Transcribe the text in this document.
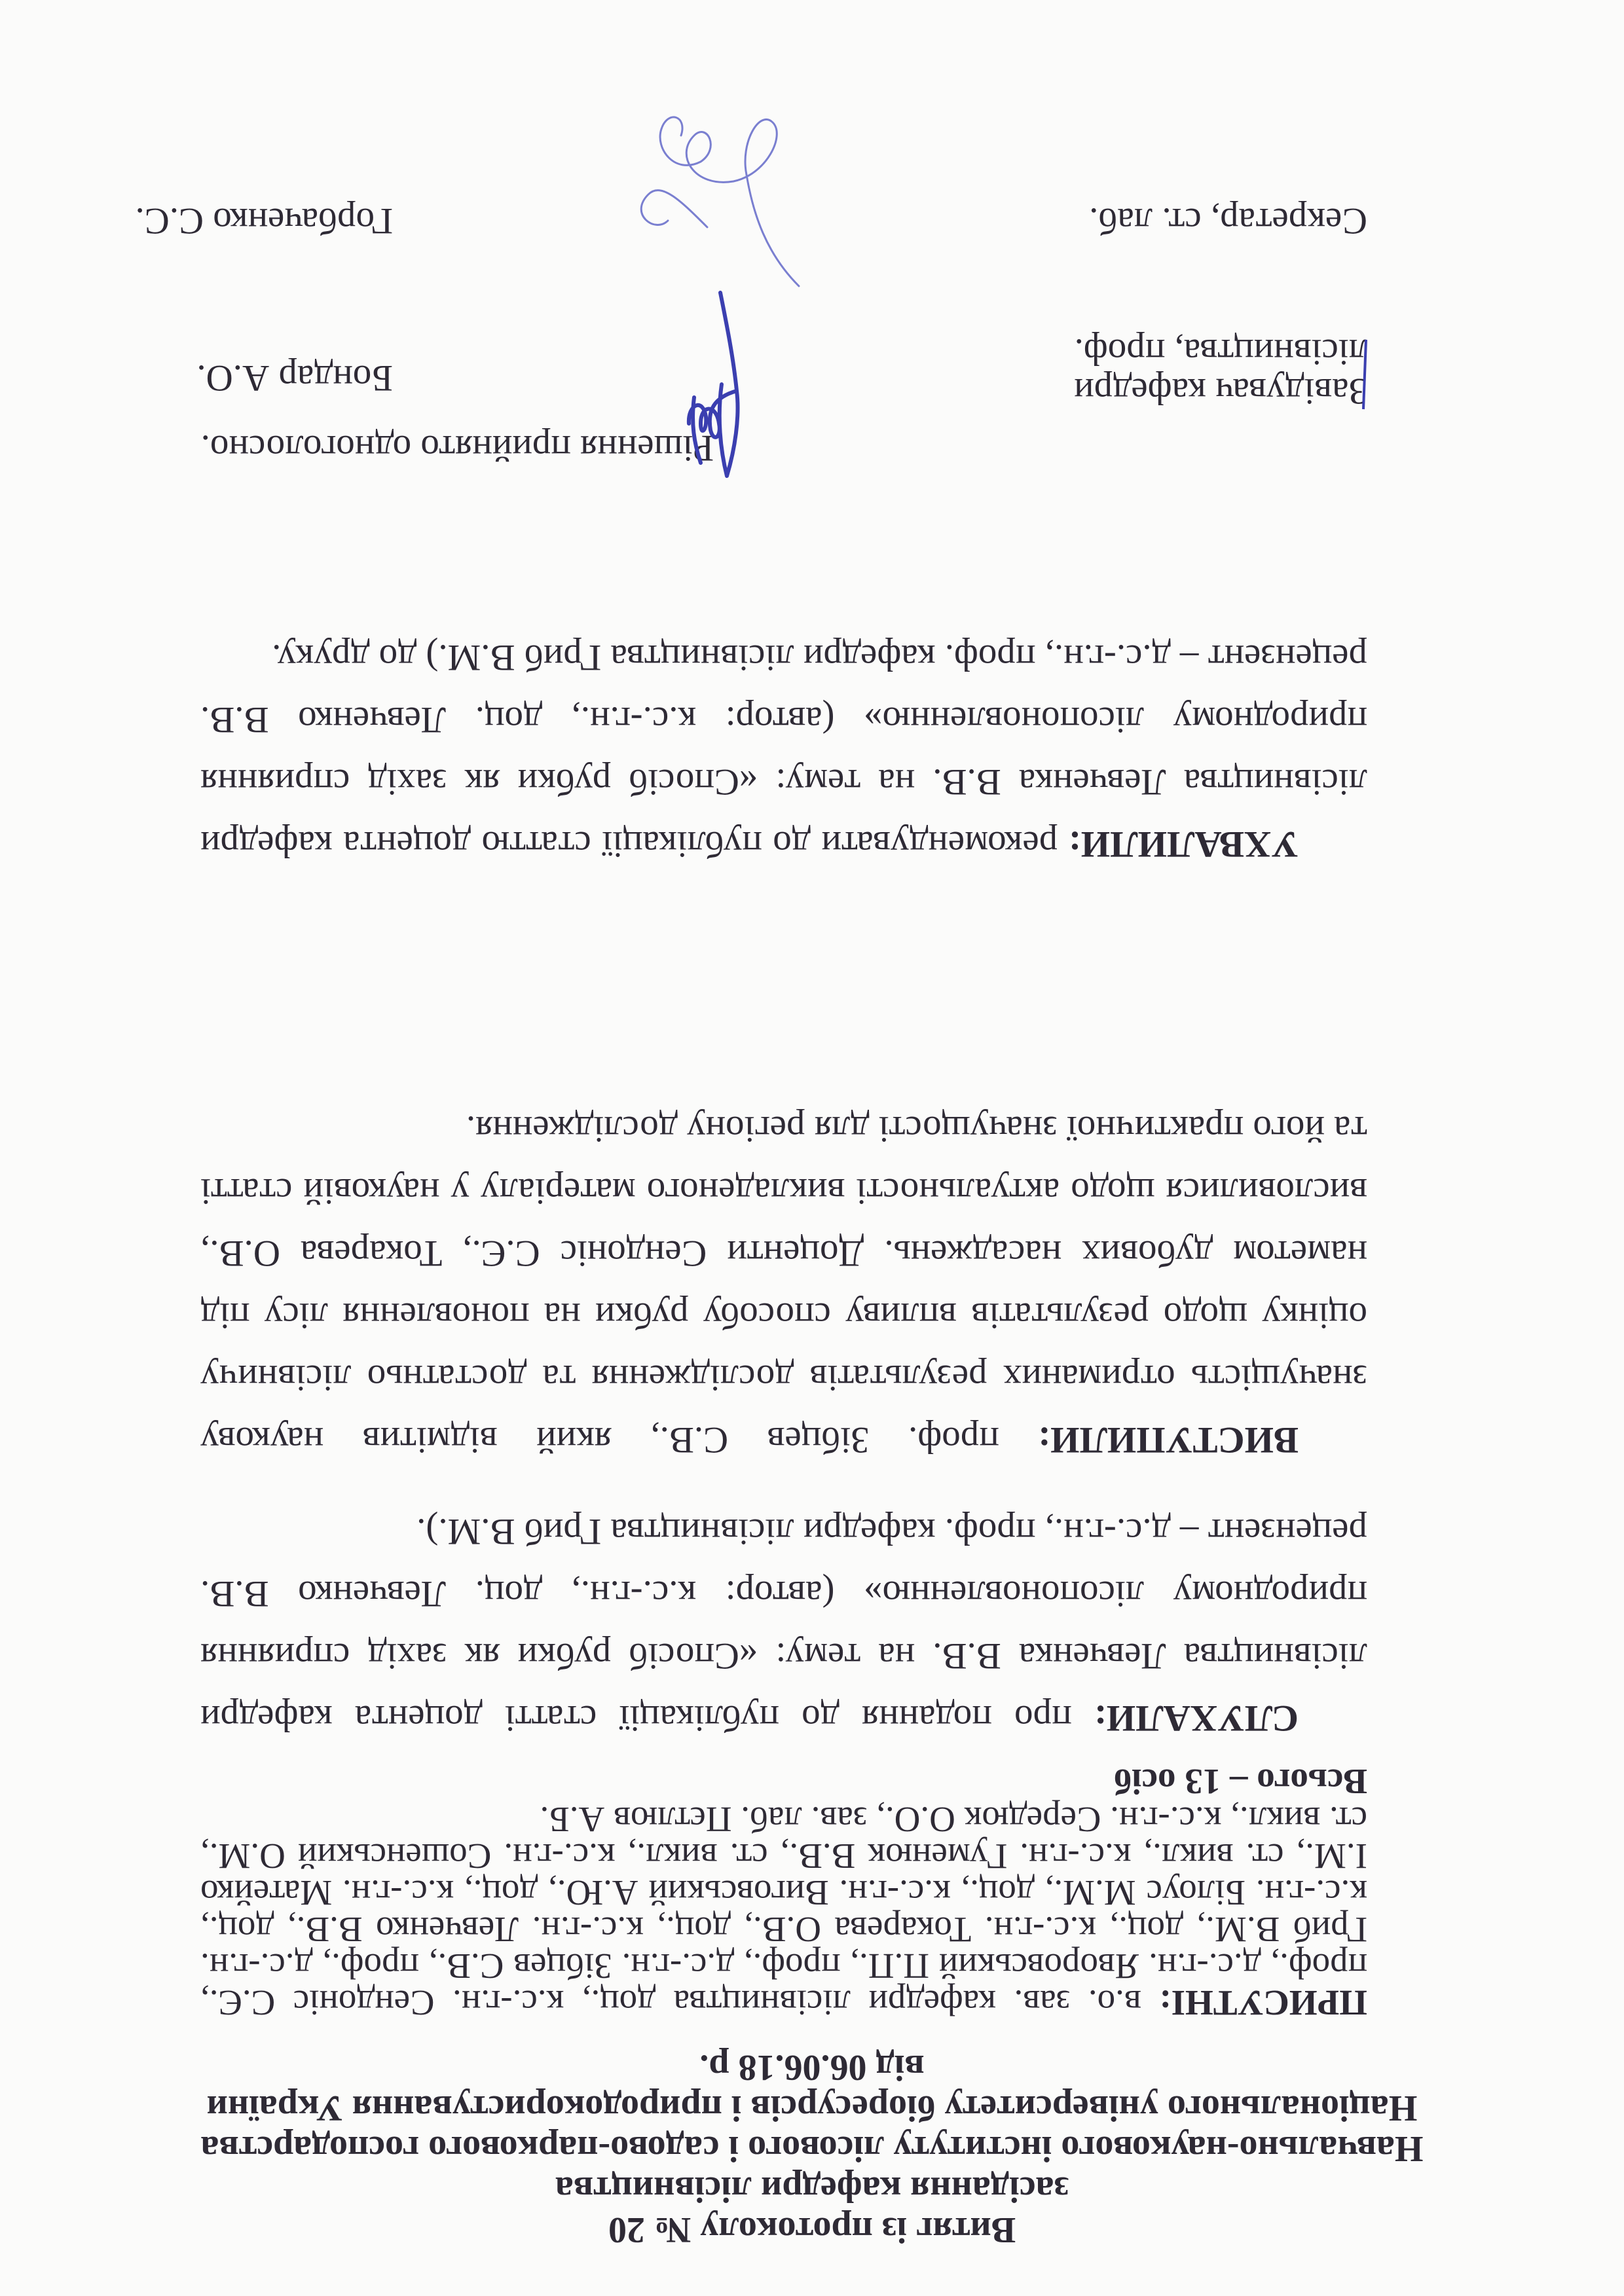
Витяг із протоколу № 20
засідання кафедри лісівництва
Навчально-наукового інституту лісового і садово-паркового господарства
Національного університету біоресурсів і природокористування України
від 06.06.18 р.
ПРИСУТНІ: в.о. зав. кафедри лісівництва доц., к.с.-г.н. Сендоніс С.Є., проф., д.с.-г.н. Яворовський П.П., проф., д.с.-г.н. Зібцев С.В., проф., д.с.-г.н. Гриб В.М., доц., к.с.-г.н. Токарева О.В., доц., к.с.-г.н. Левченко В.В., доц., к.с.-г.н. Білоус М.М., доц., к.с.-г.н. Виговський А.Ю., доц., к.с.-г.н. Матейко І.М., ст. викл., к.с.-г.н. Гуменюк В.В., ст. викл., к.с.-г.н. Сошенський О.М., ст. викл., к.с.-г.н. Середюк О.О., зав. лаб. Пєтлюв А.Б.
Всього – 13 осіб
СЛУХАЛИ: про подання до публікації статті доцента кафедри лісівництва Левченка В.В. на тему: «Спосіб рубки як захід сприяння природному лісопоновленню» (автор: к.с.-г.н., доц. Левченко В.В. рецензент – д.с.-г.н., проф. кафедри лісівництва Гриб В.М.).
ВИСТУПИЛИ: проф. Зібцев С.В., який відмітив наукову значущість отриманих результатів дослідження та достатньо лісівничу оцінку щодо результатів впливу способу рубки на поновлення лісу під наметом дубових насаджень. Доценти Сендоніс С.Є., Токарева О.В., висловилися щодо актуальності викладеного матеріалу у науковій статті та його практичної значущості для регіону дослідження.
УХВАЛИЛИ: рекомендувати до публікації статтю доцента кафедри лісівництва Левченка В.В. на тему: «Спосіб рубки як захід сприяння природному лісопоновленню» (автор: к.с.-г.н., доц. Левченко В.В. рецензент – д.с.-г.н., проф. кафедри лісівництва Гриб В.М.) до друку.
Рішення прийнято одноголосно.
Завідувач кафедри
лісівництва, проф.
Бондар А.О.
Секретар, ст. лаб.
Горбаченко С.С.
